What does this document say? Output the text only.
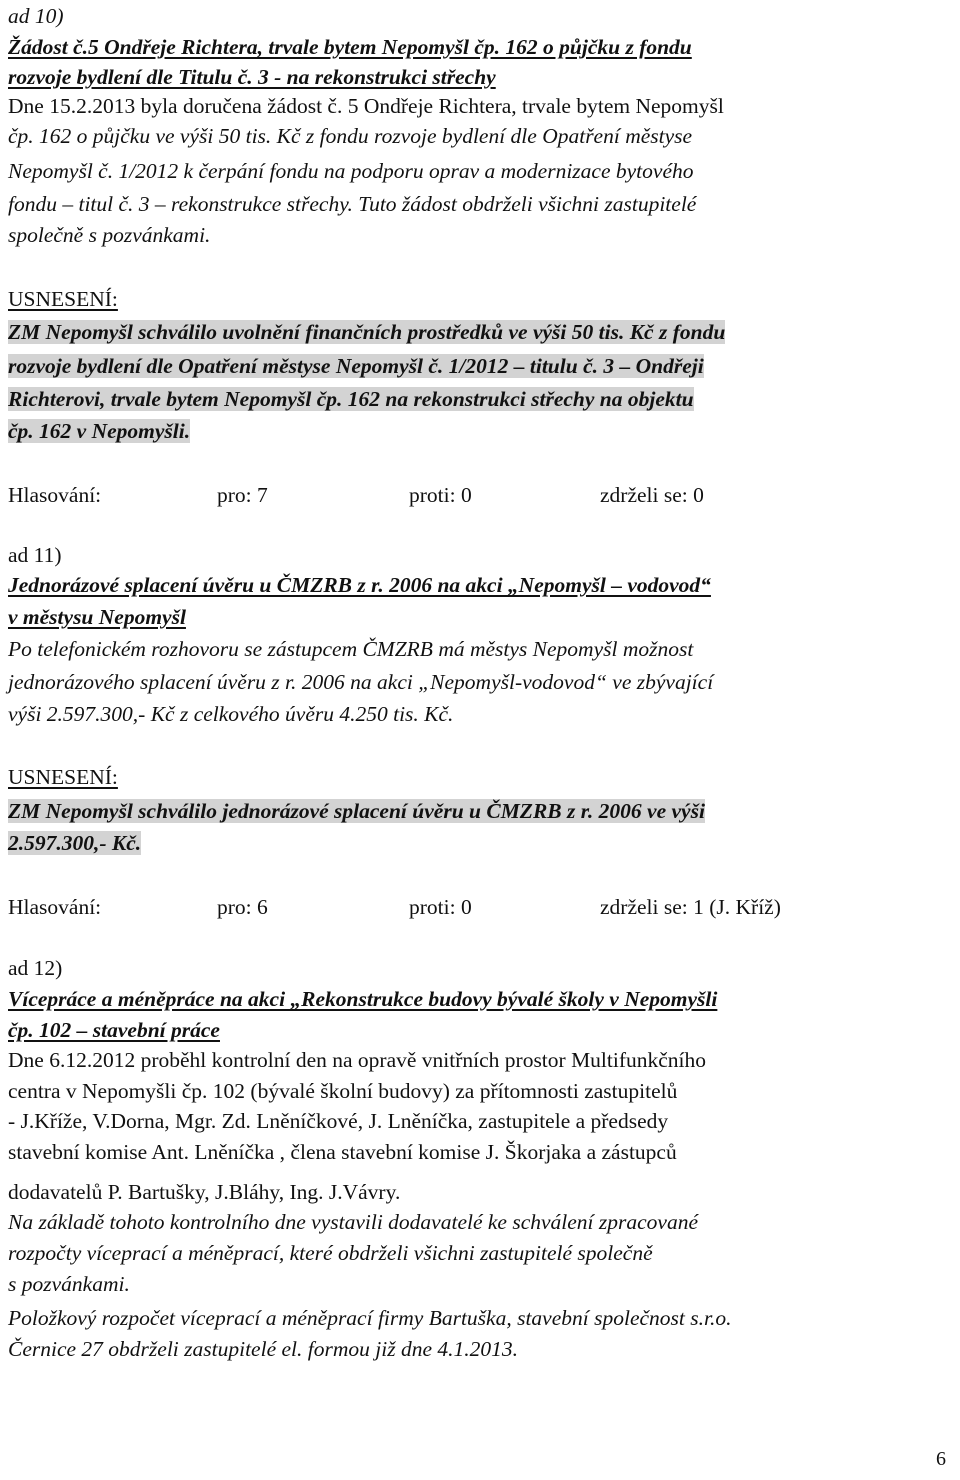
ad 10)
Žádost č.5 Ondřeje Richtera, trvale bytem Nepomyšl čp. 162 o půjčku z fondu
rozvoje bydlení dle Titulu č. 3 - na rekonstrukci střechy
Dne 15.2.2013 byla doručena žádost č. 5 Ondřeje Richtera, trvale bytem Nepomyšl
čp. 162 o půjčku ve výši 50 tis. Kč z fondu rozvoje bydlení dle Opatření městyse
Nepomyšl č. 1/2012 k čerpání fondu na podporu oprav a modernizace bytového
fondu – titul č. 3 – rekonstrukce střechy. Tuto žádost obdrželi všichni zastupitelé
společně s pozvánkami.
USNESENÍ:
ZM Nepomyšl schválilo uvolnění finančních prostředků ve výši 50 tis. Kč z fondu
rozvoje bydlení dle Opatření městyse Nepomyšl č. 1/2012 – titulu č. 3 – Ondřeji
Richterovi, trvale bytem Nepomyšl čp. 162 na rekonstrukci střechy na objektu
čp. 162 v Nepomyšli.
Hlasování:	pro: 7	proti: 0	zdrželi se: 0
ad 11)
Jednorázové splacení úvěru u ČMZRB z r. 2006 na akci „Nepomyšl – vodovod“
v městysu Nepomyšl
Po telefonickém rozhovoru se zástupcem ČMZRB má městys Nepomyšl možnost
jednorázového splacení úvěru z r. 2006 na akci „Nepomyšl-vodovod“ ve zbývající
výši 2.597.300,- Kč z celkového úvěru 4.250 tis. Kč.
USNESENÍ:
ZM Nepomyšl schválilo jednorázové splacení úvěru u ČMZRB z r. 2006 ve výši
2.597.300,- Kč.
Hlasování:	pro: 6	proti: 0	zdrželi se: 1 (J. Kříž)
ad 12)
Vícepráce a méněpráce na akci „Rekonstrukce budovy bývalé školy v Nepomyšli
čp. 102 – stavební práce
Dne 6.12.2012 proběhl kontrolní den na opravě vnitřních prostor Multifunkčního
centra v Nepomyšli čp. 102 (bývalé školní budovy) za přítomnosti zastupitelů
- J.Kříže, V.Dorna, Mgr. Zd. Lněníčkové, J. Lněníčka, zastupitele a předsedy
stavební komise Ant. Lněníčka , člena stavební komise J. Škorjaka a zástupců
dodavatelů P. Bartušky, J.Bláhy, Ing. J.Vávry.
Na základě tohoto kontrolního dne vystavili dodavatelé ke schválení zpracované
rozpočty víceprací a méněprací, které obdrželi všichni zastupitelé společně
s pozvánkami.
Položkový rozpočet víceprací a méněprací firmy Bartuška, stavební společnost s.r.o.
Černice 27 obdrželi zastupitelé el. formou již dne 4.1.2013.
6
